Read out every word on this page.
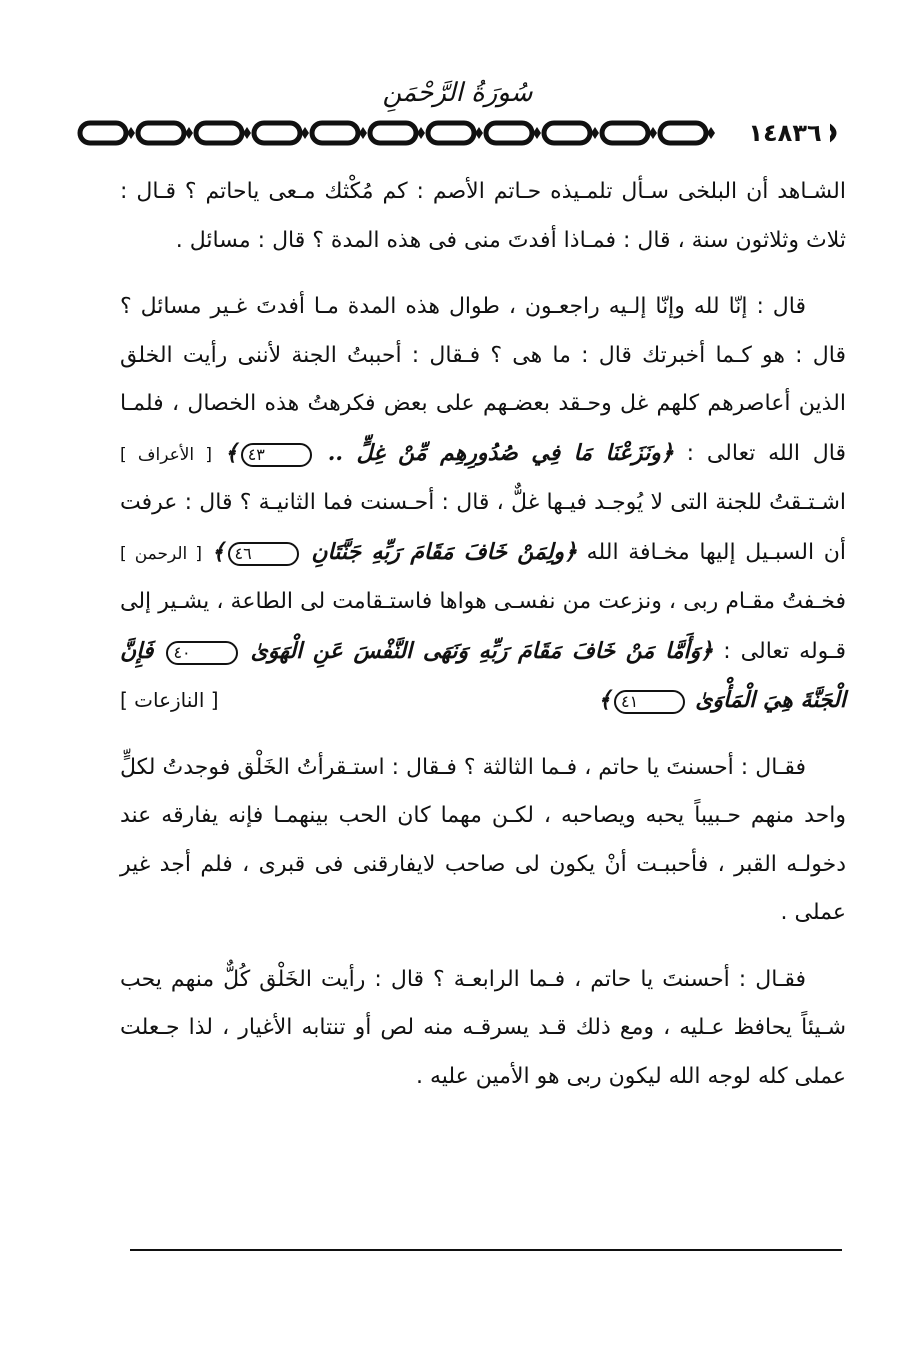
سُورَةُ الرَّحْمَنِ
١٤٨٣٦

الشـاهد أن البلخى سـأل تلمـيذه حـاتم الأصم : كم مُكْثك مـعى ياحاتم ؟ قـال : ثلاث وثلاثون سنة ، قال : فمـاذا أفدتَ منى فى هذه المدة ؟ قال : مسائل .

قال : إنّا لله وإنّا إلـيه راجعـون ، طوال هذه المدة مـا أفدتَ غـير مسائل ؟ قال : هو كـما أخبرتك قال : ما هى ؟ فـقال : أحببتُ الجنة لأننى رأيت الخلق الذين أعاصرهم كلهم غل وحـقد بعضـهم على بعض فكرهتُ هذه الخصال ، فلمـا قال الله تعالى : ﴿ونَزَعْنَا مَا فِي صُدُورِهِم مِّنْ غِلٍّ .. ٤٣﴾ [ الأعراف ] اشـتـقتُ للجنة التى لا يُوجـد فيـها غلٌّ ، قال : أحـسنت فما الثانيـة ؟ قال : عرفت أن السبـيل إليها مخـافة الله ﴿ولِمَنْ خَافَ مَقَامَ رَبِّهِ جَنَّتَانِ ٤٦﴾ [ الرحمن ] فخـفتُ مقـام ربى ، ونزعت من نفسـى هواها فاستـقامت لى الطاعة ، يشـير إلى قـوله تعالى : ﴿وَأَمَّا مَنْ خَافَ مَقَامَ رَبِّهِ وَنَهَى النَّفْسَ عَنِ الْهَوَىٰ ٤٠ فَإِنَّ الْجَنَّةَ هِيَ الْمَأْوَىٰ ٤١﴾
[ النازعات ]

فقـال : أحسنتَ يا حاتم ، فـما الثالثة ؟ فـقال : استـقرأتُ الخَلْق فوجدتُ لكلٍّ واحد منهم حـبيباً يحبه ويصاحبه ، لكـن مهما كان الحب بينهمـا فإنه يفارقه عند دخولـه القبر ، فأحببـت أنْ يكون لى صاحب لايفارقنى فى قبرى ، فلم أجد غير عملى .

فقـال : أحسنتَ يا حاتم ، فـما الرابعـة ؟ قال : رأيت الخَلْق كُلٌّ منهم يحب شـيئاً يحافظ عـليه ، ومع ذلك قـد يسرقـه منه لص أو تنتابه الأغيار ، لذا جـعلت عملى كله لوجه الله ليكون ربى هو الأمين عليه .
